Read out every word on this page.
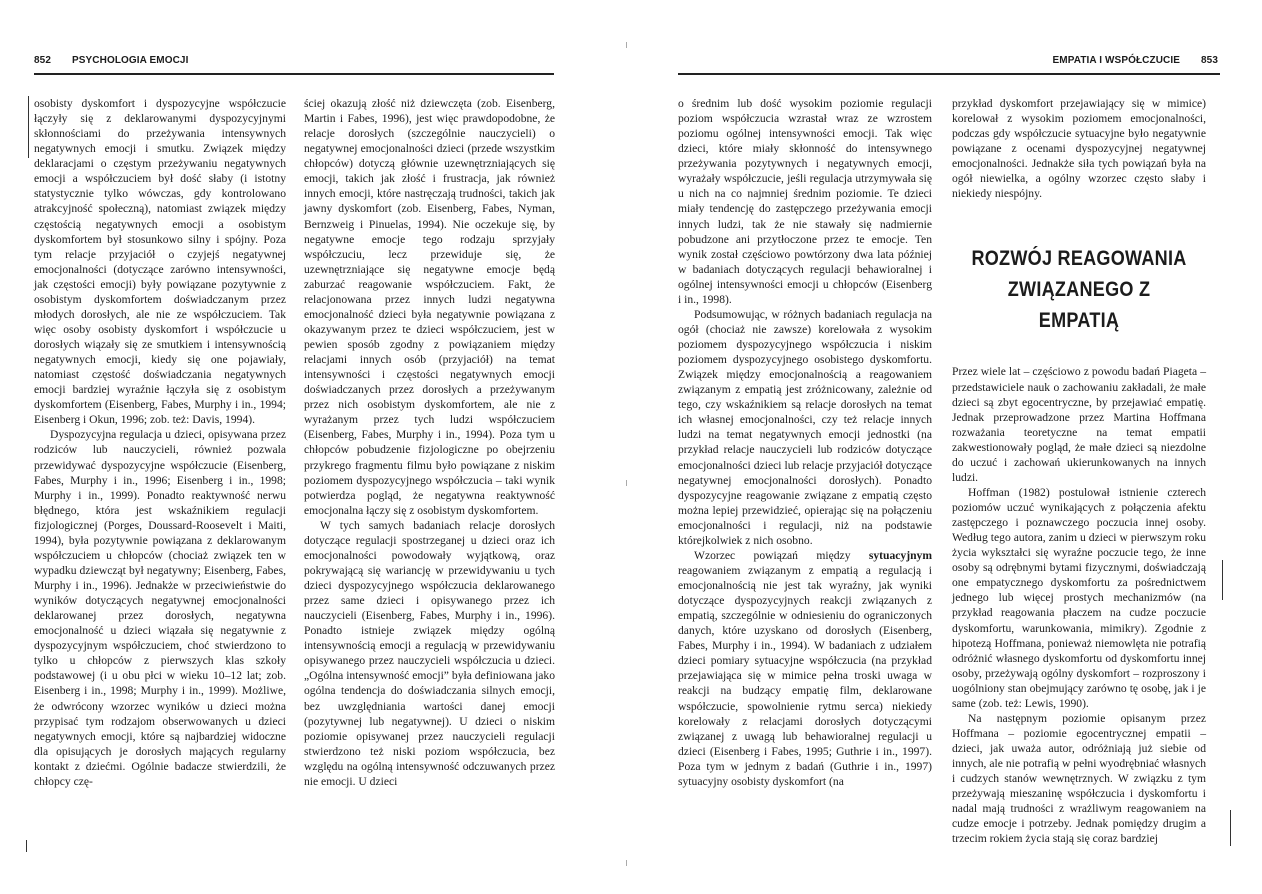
852 PSYCHOLOGIA EMOCJI

osobisty dyskomfort i dyspozycyjne współczucie łączyły się z deklarowanymi dyspozycyjnymi skłonnościami do przeżywania intensywnych negatywnych emocji i smutku. Związek między deklaracjami o częstym przeżywaniu negatywnych emocji a współczuciem był dość słaby (i istotny statystycznie tylko wówczas, gdy kontrolowano atrakcyjność społeczną), natomiast związek między częstością negatywnych emocji a osobistym dyskomfortem był stosunkowo silny i spójny. Poza tym relacje przyjaciół o czyjejś negatywnej emocjonalności (dotyczące zarówno intensywności, jak częstości emocji) były powiązane pozytywnie z osobistym dyskomfortem doświadczanym przez młodych dorosłych, ale nie ze współczuciem. Tak więc osoby osobisty dyskomfort i współczucie u dorosłych wiązały się ze smutkiem i intensywnością negatywnych emocji, kiedy się one pojawiały, natomiast częstość doświadczania negatywnych emocji bardziej wyraźnie łączyła się z osobistym dyskomfortem (Eisenberg, Fabes, Murphy i in., 1994; Eisenberg i Okun, 1996; zob. też: Davis, 1994).

Dyspozycyjna regulacja u dzieci, opisywana przez rodziców lub nauczycieli, również pozwala przewidywać dyspozycyjne współczucie (Eisenberg, Fabes, Murphy i in., 1996; Eisenberg i in., 1998; Murphy i in., 1999). Ponadto reaktywność nerwu błędnego, która jest wskaźnikiem regulacji fizjologicznej (Porges, Doussard-Roosevelt i Maiti, 1994), była pozytywnie powiązana z deklarowanym współczuciem u chłopców (chociaż związek ten w wypadku dziewcząt był negatywny; Eisenberg, Fabes, Murphy i in., 1996). Jednakże w przeciwieństwie do wyników dotyczących negatywnej emocjonalności deklarowanej przez dorosłych, negatywna emocjonalność u dzieci wiązała się negatywnie z dyspozycyjnym współczuciem, choć stwierdzono to tylko u chłopców z pierwszych klas szkoły podstawowej (i u obu płci w wieku 10–12 lat; zob. Eisenberg i in., 1998; Murphy i in., 1999). Możliwe, że odwrócony wzorzec wyników u dzieci można przypisać tym rodzajom obserwowanych u dzieci negatywnych emocji, które są najbardziej widoczne dla opisujących je dorosłych mających regularny kontakt z dziećmi. Ogólnie badacze stwierdzili, że chłopcy czę-

ściej okazują złość niż dziewczęta (zob. Eisenberg, Martin i Fabes, 1996), jest więc prawdopodobne, że relacje dorosłych (szczególnie nauczycieli) o negatywnej emocjonalności dzieci (przede wszystkim chłopców) dotyczą głównie uzewnętrzniających się emocji, takich jak złość i frustracja, jak również innych emocji, które nastręczają trudności, takich jak jawny dyskomfort (zob. Eisenberg, Fabes, Nyman, Bernzweig i Pinuelas, 1994). Nie oczekuje się, by negatywne emocje tego rodzaju sprzyjały współczuciu, lecz przewiduje się, że uzewnętrzniające się negatywne emocje będą zaburzać reagowanie współczuciem. Fakt, że relacjonowana przez innych ludzi negatywna emocjonalność dzieci była negatywnie powiązana z okazywanym przez te dzieci współczuciem, jest w pewien sposób zgodny z powiązaniem między relacjami innych osób (przyjaciół) na temat intensywności i częstości negatywnych emocji doświadczanych przez dorosłych a przeżywanym przez nich osobistym dyskomfortem, ale nie z wyrażanym przez tych ludzi współczuciem (Eisenberg, Fabes, Murphy i in., 1994). Poza tym u chłopców pobudzenie fizjologiczne po obejrzeniu przykrego fragmentu filmu było powiązane z niskim poziomem dyspozycyjnego współczucia – taki wynik potwierdza pogląd, że negatywna reaktywność emocjonalna łączy się z osobistym dyskomfortem.

W tych samych badaniach relacje dorosłych dotyczące regulacji spostrzeganej u dzieci oraz ich emocjonalności powodowały wyjątkową, oraz pokrywającą się wariancję w przewidywaniu u tych dzieci dyspozycyjnego współczucia deklarowanego przez same dzieci i opisywanego przez ich nauczycieli (Eisenberg, Fabes, Murphy i in., 1996). Ponadto istnieje związek między ogólną intensywnością emocji a regulacją w przewidywaniu opisywanego przez nauczycieli współczucia u dzieci. „Ogólna intensywność emocji” była definiowana jako ogólna tendencja do doświadczania silnych emocji, bez uwzględniania wartości danej emocji (pozytywnej lub negatywnej). U dzieci o niskim poziomie opisywanej przez nauczycieli regulacji stwierdzono też niski poziom współczucia, bez względu na ogólną intensywność odczuwanych przez nie emocji. U dzieci

EMPATIA I WSPÓŁCZUCIE 853

o średnim lub dość wysokim poziomie regulacji poziom współczucia wzrastał wraz ze wzrostem poziomu ogólnej intensywności emocji. Tak więc dzieci, które miały skłonność do intensywnego przeżywania pozytywnych i negatywnych emocji, wyrażały współczucie, jeśli regulacja utrzymywała się u nich na co najmniej średnim poziomie. Te dzieci miały tendencję do zastępczego przeżywania emocji innych ludzi, tak że nie stawały się nadmiernie pobudzone ani przytłoczone przez te emocje. Ten wynik został częściowo powtórzony dwa lata później w badaniach dotyczących regulacji behawioralnej i ogólnej intensywności emocji u chłopców (Eisenberg i in., 1998).

Podsumowując, w różnych badaniach regulacja na ogół (chociaż nie zawsze) korelowała z wysokim poziomem dyspozycyjnego współczucia i niskim poziomem dyspozycyjnego osobistego dyskomfortu. Związek między emocjonalnością a reagowaniem związanym z empatią jest zróżnicowany, zależnie od tego, czy wskaźnikiem są relacje dorosłych na temat ich własnej emocjonalności, czy też relacje innych ludzi na temat negatywnych emocji jednostki (na przykład relacje nauczycieli lub rodziców dotyczące emocjonalności dzieci lub relacje przyjaciół dotyczące negatywnej emocjonalności dorosłych). Ponadto dyspozycyjne reagowanie związane z empatią często można lepiej przewidzieć, opierając się na połączeniu emocjonalności i regulacji, niż na podstawie którejkolwiek z nich osobno.

Wzorzec powiązań między sytuacyjnym reagowaniem związanym z empatią a regulacją i emocjonalnością nie jest tak wyraźny, jak wyniki dotyczące dyspozycyjnych reakcji związanych z empatią, szczególnie w odniesieniu do ograniczonych danych, które uzyskano od dorosłych (Eisenberg, Fabes, Murphy i in., 1994). W badaniach z udziałem dzieci pomiary sytuacyjne współczucia (na przykład przejawiająca się w mimice pełna troski uwaga w reakcji na budzący empatię film, deklarowane współczucie, spowolnienie rytmu serca) niekiedy korelowały z relacjami dorosłych dotyczącymi związanej z uwagą lub behawioralnej regulacji u dzieci (Eisenberg i Fabes, 1995; Guthrie i in., 1997). Poza tym w jednym z badań (Guthrie i in., 1997) sytuacyjny osobisty dyskomfort (na

przykład dyskomfort przejawiający się w mimice) korelował z wysokim poziomem emocjonalności, podczas gdy współczucie sytuacyjne było negatywnie powiązane z ocenami dyspozycyjnej negatywnej emocjonalności. Jednakże siła tych powiązań była na ogół niewielka, a ogólny wzorzec często słaby i niekiedy niespójny.

ROZWÓJ REAGOWANIA
ZWIĄZANEGO Z EMPATIĄ

Przez wiele lat – częściowo z powodu badań Piageta – przedstawiciele nauk o zachowaniu zakładali, że małe dzieci są zbyt egocentryczne, by przejawiać empatię. Jednak przeprowadzone przez Martina Hoffmana rozważania teoretyczne na temat empatii zakwestionowały pogląd, że małe dzieci są niezdolne do uczuć i zachowań ukierunkowanych na innych ludzi.

Hoffman (1982) postulował istnienie czterech poziomów uczuć wynikających z połączenia afektu zastępczego i poznawczego poczucia innej osoby. Według tego autora, zanim u dzieci w pierwszym roku życia wykształci się wyraźne poczucie tego, że inne osoby są odrębnymi bytami fizycznymi, doświadczają one empatycznego dyskomfortu za pośrednictwem jednego lub więcej prostych mechanizmów (na przykład reagowania płaczem na cudze poczucie dyskomfortu, warunkowania, mimikry). Zgodnie z hipotezą Hoffmana, ponieważ niemowlęta nie potrafią odróżnić własnego dyskomfortu od dyskomfortu innej osoby, przeżywają ogólny dyskomfort – rozproszony i uogólniony stan obejmujący zarówno tę osobę, jak i je same (zob. też: Lewis, 1990).

Na następnym poziomie opisanym przez Hoffmana – poziomie egocentrycznej empatii – dzieci, jak uważa autor, odróżniają już siebie od innych, ale nie potrafią w pełni wyodrębniać własnych i cudzych stanów wewnętrznych. W związku z tym przeżywają mieszaninę współczucia i dyskomfortu i nadal mają trudności z wrażliwym reagowaniem na cudze emocje i potrzeby. Jednak pomiędzy drugim a trzecim rokiem życia stają się coraz bardziej
